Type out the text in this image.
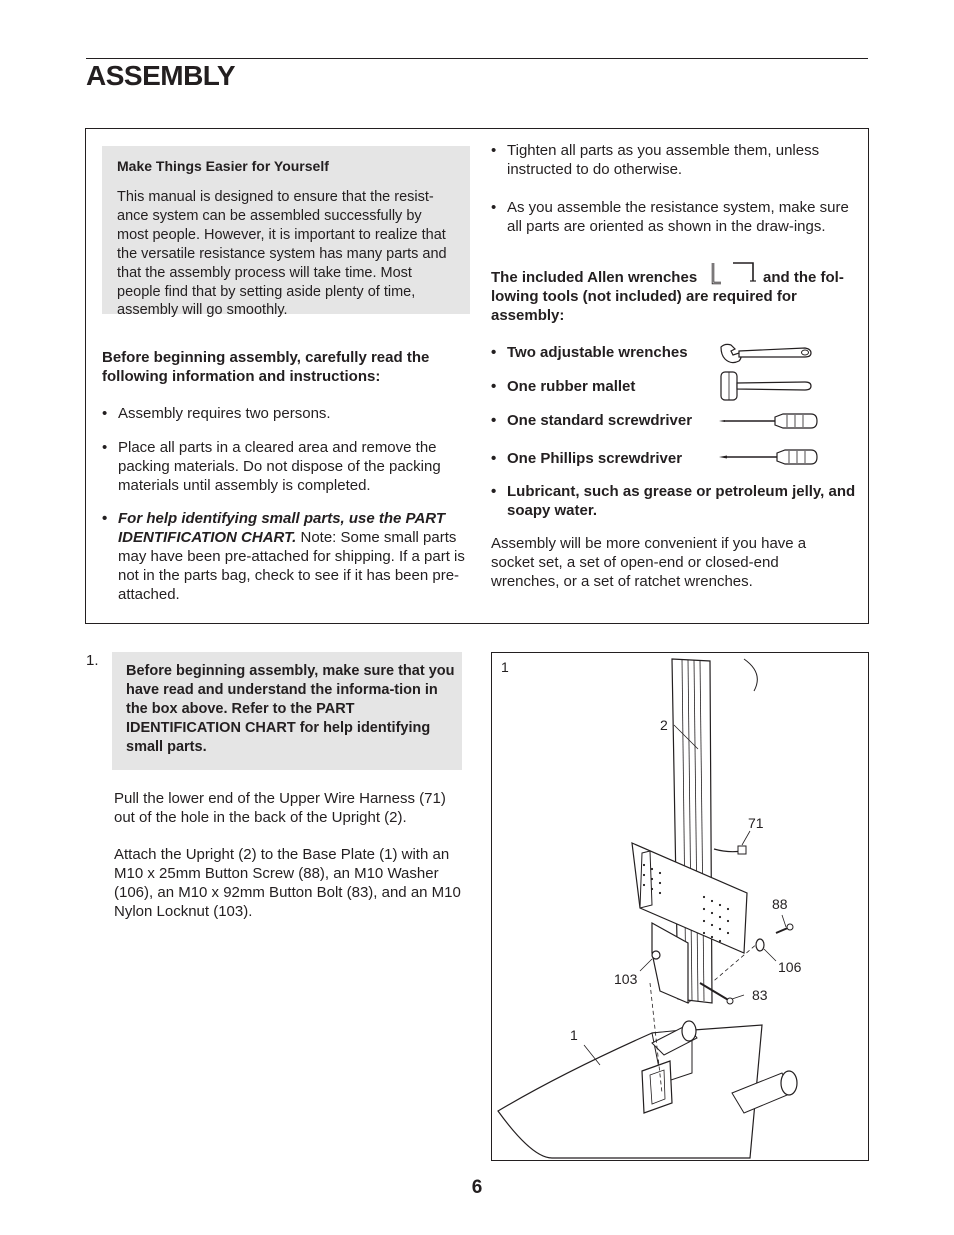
ASSEMBLY

Make Things Easier for Yourself

This manual is designed to ensure that the resist-ance system can be assembled successfully by most people. However, it is important to realize that the versatile resistance system has many parts and that the assembly process will take time. Most people find that by setting aside plenty of time, assembly will go smoothly.

Before beginning assembly, carefully read the following information and instructions:

• Assembly requires two persons.

• Place all parts in a cleared area and remove the packing materials. Do not dispose of the packing materials until assembly is completed.

• For help identifying small parts, use the PART IDENTIFICATION CHART. Note: Some small parts may have been pre-attached for shipping. If a part is not in the parts bag, check to see if it has been pre-attached.

• Tighten all parts as you assemble them, unless instructed to do otherwise.

• As you assemble the resistance system, make sure all parts are oriented as shown in the draw-ings.

The included Allen wrenches	and the fol-lowing tools (not included) are required for assembly:

• Two adjustable wrenches

• One rubber mallet

• One standard screwdriver

• One Phillips screwdriver

• Lubricant, such as grease or petroleum jelly, and soapy water.

Assembly will be more convenient if you have a socket set, a set of open-end or closed-end wrenches, or a set of ratchet wrenches.

1.

Before beginning assembly, make sure that you have read and understand the informa-tion in the box above. Refer to the PART IDENTIFICATION CHART for help identifying small parts.

Pull the lower end of the Upper Wire Harness (71) out of the hole in the back of the Upright (2).

Attach the Upright (2) to the Base Plate (1) with an M10 x 25mm Button Screw (88), an M10 Washer (106), an M10 x 92mm Button Bolt (83), and an M10 Nylon Locknut (103).

1

2

71

88

106

103

83

1

6
